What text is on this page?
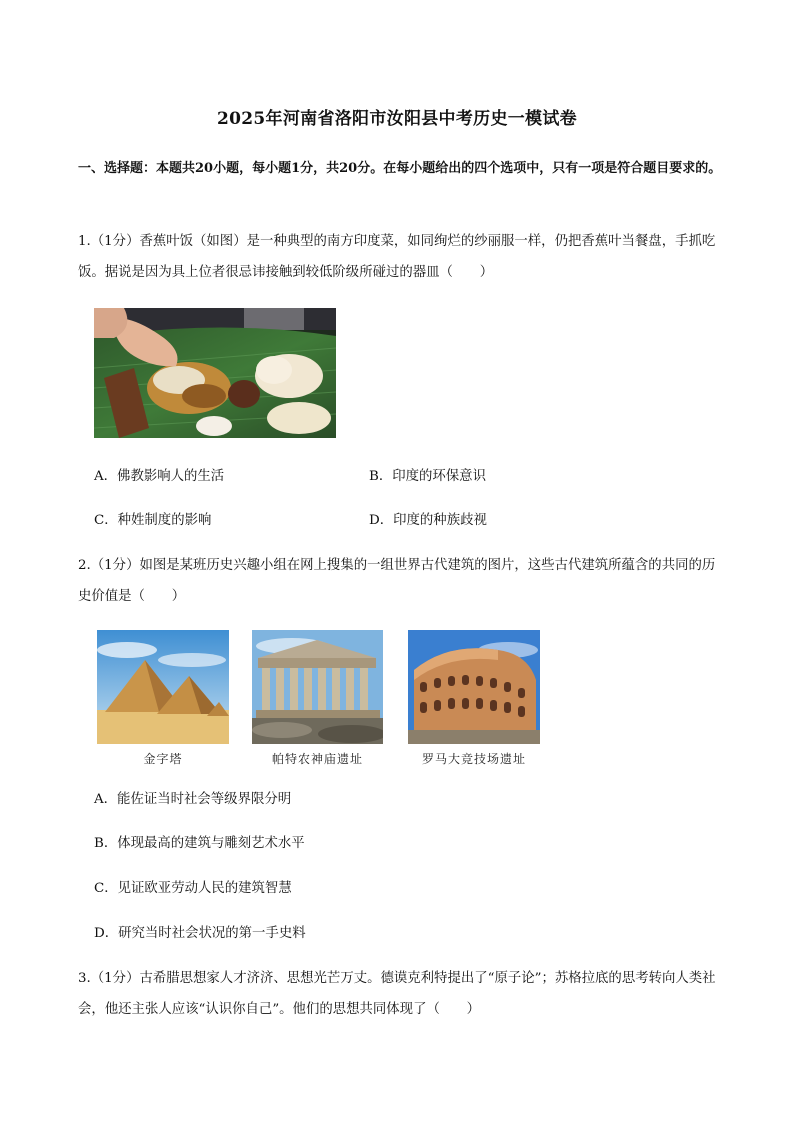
2025年河南省洛阳市汝阳县中考历史一模试卷
一、选择题：本题共20小题，每小题1分，共20分。在每小题给出的四个选项中，只有一项是符合题目要求的。
1.（1分）香蕉叶饭（如图）是一种典型的南方印度菜，如同绚烂的纱丽服一样，仍把香蕉叶当餐盘，手抓吃饭。据说是因为具上位者很忌讳接触到较低阶级所碰过的器皿（　　）
A．佛教影响人的生活	B．印度的环保意识
C．种姓制度的影响	D．印度的种族歧视
2.（1分）如图是某班历史兴趣小组在网上搜集的一组世界古代建筑的图片，这些古代建筑所蕴含的共同的历史价值是（　　）
金字塔	帕特农神庙遗址	罗马大竞技场遗址
A．能佐证当时社会等级界限分明
B．体现最高的建筑与雕刻艺术水平
C．见证欧亚劳动人民的建筑智慧
D．研究当时社会状况的第一手史料
3.（1分）古希腊思想家人才济济、思想光芒万丈。德谟克利特提出了“原子论”；苏格拉底的思考转向人类社会，他还主张人应该“认识你自己”。他们的思想共同体现了（　　）
